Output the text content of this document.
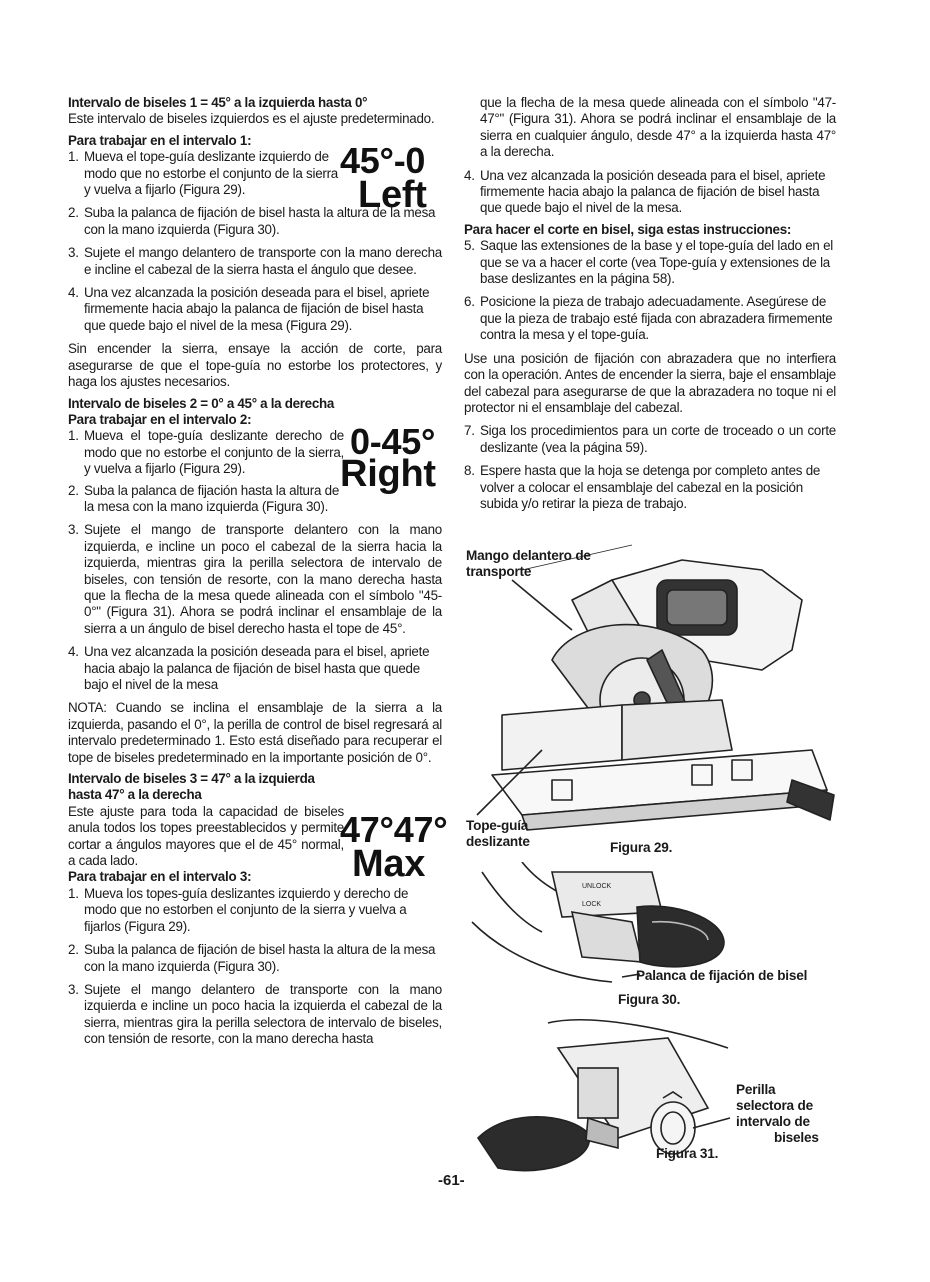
Intervalo de biseles 1 = 45° a la izquierda hasta 0°

Este intervalo de biseles izquierdos es el ajuste predeterminado.

Para trabajar en el intervalo 1:	45°-0
Left
1. Mueva el tope-guía deslizante izquierdo de modo que no estorbe el conjunto de la sierra y vuelva a fijarlo (Figura 29).
2. Suba la palanca de fijación de bisel hasta la altura de la mesa con la mano izquierda (Figura 30).
3. Sujete el mango delantero de transporte con la mano derecha e incline el cabezal de la sierra hasta el ángulo que desee.
4. Una vez alcanzada la posición deseada para el bisel, apriete firmemente hacia abajo la palanca de fijación de bisel hasta que quede bajo el nivel de la mesa (Figura 29).

Sin encender la sierra, ensaye la acción de corte, para asegurarse de que el tope-guía no estorbe los protectores, y haga los ajustes necesarios.

Intervalo de biseles 2 = 0° a 45° a la derecha

Para trabajar en el intervalo 2:

0-45°
Right
1. Mueva el tope-guía deslizante derecho de modo que no estorbe el conjunto de la sierra, y vuelva a fijarlo (Figura 29).
2. Suba la palanca de fijación hasta la altura de la mesa con la mano izquierda (Figura 30).
3. Sujete el mango de transporte delantero con la mano izquierda, e incline un poco el cabezal de la sierra hacia la izquierda, mientras gira la perilla selectora de intervalo de biseles, con tensión de resorte, con la mano derecha hasta que la flecha de la mesa quede alineada con el símbolo "45-0°" (Figura 31). Ahora se podrá inclinar el ensamblaje de la sierra a un ángulo de bisel derecho hasta el tope de 45°.
4. Una vez alcanzada la posición deseada para el bisel, apriete hacia abajo la palanca de fijación de bisel hasta que quede bajo el nivel de la mesa

NOTA: Cuando se inclina el ensamblaje de la sierra a la izquierda, pasando el 0°, la perilla de control de bisel regresará al intervalo predeterminado 1. Esto está diseñado para recuperar el tope de biseles predeterminado en la importante posición de 0°.

Intervalo de biseles 3 = 47° a la izquierda
hasta 47° a la derecha

47°47°
Max

Este ajuste para toda la capacidad de biseles anula todos los topes preestablecidos y permite cortar a ángulos mayores que el de 45° normal, a cada lado.

Para trabajar en el intervalo 3:

1. Mueva los topes-guía deslizantes izquierdo y derecho de modo que no estorben el conjunto de la sierra y vuelva a fijarlos (Figura 29).
2. Suba la palanca de fijación de bisel hasta la altura de la mesa con la mano izquierda (Figura 30).
3. Sujete el mango delantero de transporte con la mano izquierda e incline un poco hacia la izquierda el cabezal de la sierra, mientras gira la perilla selectora de intervalo de biseles, con tensión de resorte, con la mano derecha hasta

que la flecha de la mesa quede alineada con el símbolo "47-47°" (Figura 31). Ahora se podrá inclinar el ensamblaje de la sierra en cualquier ángulo, desde 47° a la izquierda hasta 47° a la derecha.

4. Una vez alcanzada la posición deseada para el bisel, apriete firmemente hacia abajo la palanca de fijación de bisel hasta que quede bajo el nivel de la mesa.

Para hacer el corte en bisel, siga estas instrucciones:

5. Saque las extensiones de la base y el tope-guía del lado en el que se va a hacer el corte (vea Tope-guía y extensiones de la base deslizantes en la página 58).
6. Posicione la pieza de trabajo adecuadamente. Asegúrese de que la pieza de trabajo esté fijada con abrazadera firmemente contra la mesa y el tope-guía.

Use una posición de fijación con abrazadera que no interfiera con la operación. Antes de encender la sierra, baje el ensamblaje del cabezal para asegurarse de que la abrazadera no toque ni el protector ni el ensamblaje del cabezal.

7. Siga los procedimientos para un corte de troceado o un corte deslizante (vea la página 59).
8. Espere hasta que la hoja se detenga por completo antes de volver a colocar el ensamblaje del cabezal en la posición subida y/o retirar la pieza de trabajo.
Mango delantero de
transporte
Tope-guía
deslizante	Figura 29.
UNLOCK
LOCK
Palanca de fijación de bisel
Figura 30.
Perilla
selectora de
intervalo de
biseles
Figura 31.
-61-
